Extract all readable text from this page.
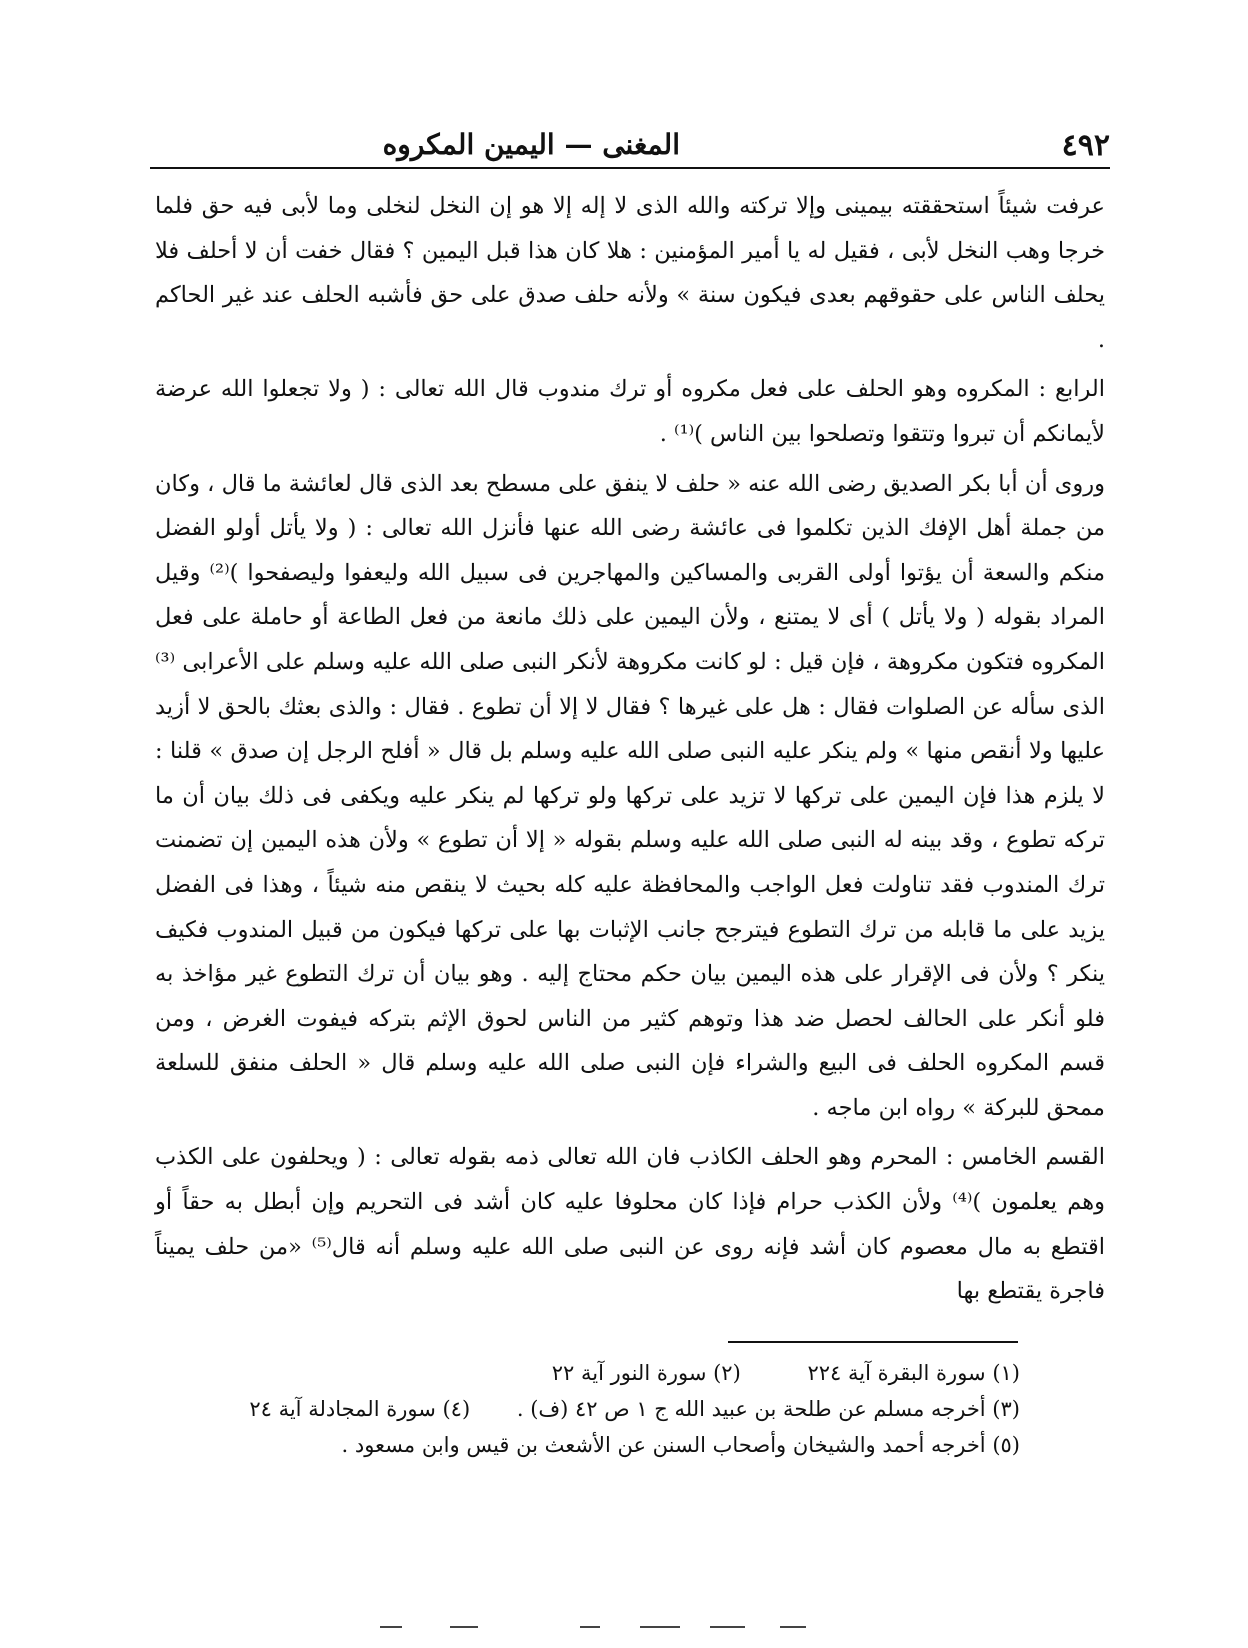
٤٩٢
المغنى — اليمين المكروه

عرفت شيئاً استحققته بيمينى وإلا تركته والله الذى لا إله إلا هو إن النخل لنخلى وما لأبى فيه حق فلما خرجا وهب النخل لأبى ، فقيل له يا أمير المؤمنين : هلا كان هذا قبل اليمين ؟ فقال خفت أن لا أحلف فلا يحلف الناس على حقوقهم بعدى فيكون سنة » ولأنه حلف صدق على حق فأشبه الحلف عند غير الحاكم .

الرابع : المكروه وهو الحلف على فعل مكروه أو ترك مندوب قال الله تعالى : ( ولا تجعلوا الله عرضة لأيمانكم أن تبروا وتتقوا وتصلحوا بين الناس )⁽¹⁾ .

وروى أن أبا بكر الصديق رضى الله عنه « حلف لا ينفق على مسطح بعد الذى قال لعائشة ما قال ، وكان من جملة أهل الإفك الذين تكلموا فى عائشة رضى الله عنها فأنزل الله تعالى : ( ولا يأتل أولو الفضل منكم والسعة أن يؤتوا أولى القربى والمساكين والمهاجرين فى سبيل الله وليعفوا وليصفحوا )⁽²⁾ وقيل المراد بقوله ( ولا يأتل ) أى لا يمتنع ، ولأن اليمين على ذلك مانعة من فعل الطاعة أو حاملة على فعل المكروه فتكون مكروهة ، فإن قيل : لو كانت مكروهة لأنكر النبى صلى الله عليه وسلم على الأعرابى ⁽³⁾ الذى سأله عن الصلوات فقال : هل على غيرها ؟ فقال لا إلا أن تطوع . فقال : والذى بعثك بالحق لا أزيد عليها ولا أنقص منها » ولم ينكر عليه النبى صلى الله عليه وسلم بل قال « أفلح الرجل إن صدق » قلنا : لا يلزم هذا فإن اليمين على تركها لا تزيد على تركها ولو تركها لم ينكر عليه ويكفى فى ذلك بيان أن ما تركه تطوع ، وقد بينه له النبى صلى الله عليه وسلم بقوله « إلا أن تطوع » ولأن هذه اليمين إن تضمنت ترك المندوب فقد تناولت فعل الواجب والمحافظة عليه كله بحيث لا ينقص منه شيئاً ، وهذا فى الفضل يزيد على ما قابله من ترك التطوع فيترجح جانب الإثبات بها على تركها فيكون من قبيل المندوب فكيف ينكر ؟ ولأن فى الإقرار على هذه اليمين بيان حكم محتاج إليه . وهو بيان أن ترك التطوع غير مؤاخذ به فلو أنكر على الحالف لحصل ضد هذا وتوهم كثير من الناس لحوق الإثم بتركه فيفوت الغرض ، ومن قسم المكروه الحلف فى البيع والشراء فإن النبى صلى الله عليه وسلم قال « الحلف منفق للسلعة ممحق للبركة » رواه ابن ماجه .

القسم الخامس : المحرم وهو الحلف الكاذب فان الله تعالى ذمه بقوله تعالى : ( ويحلفون على الكذب وهم يعلمون )⁽⁴⁾ ولأن الكذب حرام فإذا كان محلوفا عليه كان أشد فى التحريم وإن أبطل به حقاً أو اقتطع به مال معصوم كان أشد فإنه روى عن النبى صلى الله عليه وسلم أنه قال⁽⁵⁾ «من حلف يميناً فاجرة يقتطع بها

(١) سورة البقرة آية ٢٢٤ (٢) سورة النور آية ٢٢
(٣) أخرجه مسلم عن طلحة بن عبيد الله ج ١ ص ٤٢ (ف) . (٤) سورة المجادلة آية ٢٤
(٥) أخرجه أحمد والشيخان وأصحاب السنن عن الأشعث بن قيس وابن مسعود .
